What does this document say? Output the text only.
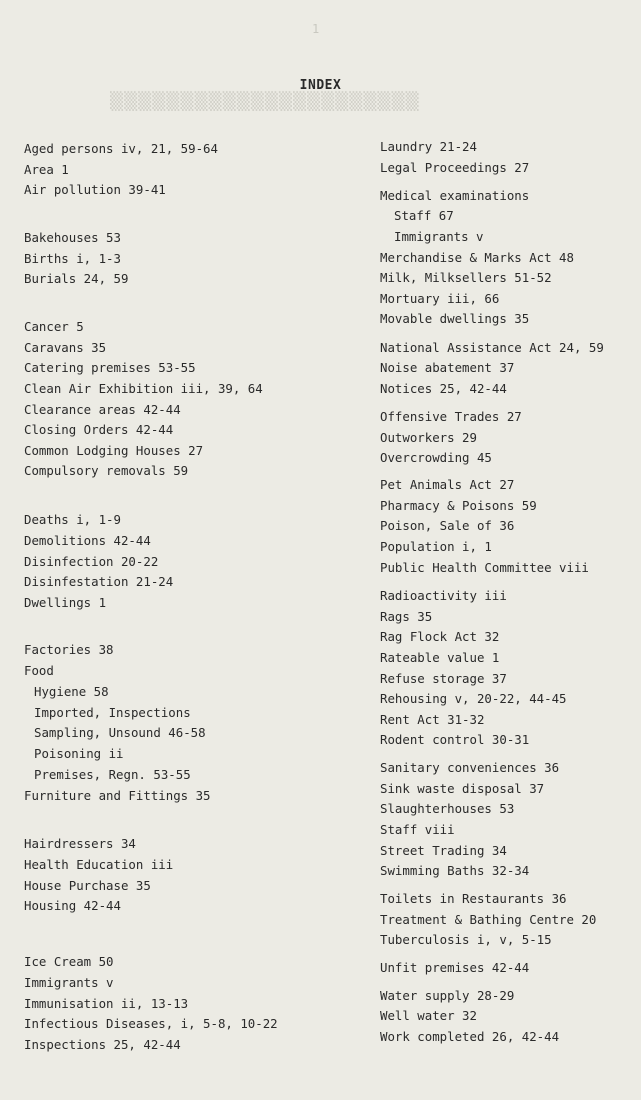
▒▒▒▒▒▒▒▒▒▒▒▒▒▒▒▒▒▒▒▒▒▒
1
INDEX
Aged persons iv, 21, 59-64
Area 1
Air pollution 39-41
Bakehouses 53
Births i, 1-3
Burials 24, 59
Cancer 5
Caravans 35
Catering premises 53-55
Clean Air Exhibition iii, 39, 64
Clearance areas 42-44
Closing Orders 42-44
Common Lodging Houses 27
Compulsory removals 59
Deaths i, 1-9
Demolitions 42-44
Disinfection 20-22
Disinfestation 21-24
Dwellings 1
Factories 38
Food
Hygiene 58
Imported, Inspections
Sampling, Unsound 46-58
Poisoning ii
Premises, Regn. 53-55
Furniture and Fittings 35
Hairdressers 34
Health Education iii
House Purchase 35
Housing 42-44
Ice Cream 50
Immigrants v
Immunisation ii, 13-13
Infectious Diseases, i, 5-8, 10-22
Inspections 25, 42-44
Laundry 21-24
Legal Proceedings 27
Medical examinations
Staff 67
Immigrants v
Merchandise & Marks Act 48
Milk, Milksellers 51-52
Mortuary iii, 66
Movable dwellings 35
National Assistance Act 24, 59
Noise abatement 37
Notices 25, 42-44
Offensive Trades 27
Outworkers 29
Overcrowding 45
Pet Animals Act 27
Pharmacy & Poisons 59
Poison, Sale of 36
Population i, 1
Public Health Committee viii
Radioactivity iii
Rags 35
Rag Flock Act 32
Rateable value 1
Refuse storage 37
Rehousing v, 20-22, 44-45
Rent Act 31-32
Rodent control 30-31
Sanitary conveniences 36
Sink waste disposal 37
Slaughterhouses 53
Staff viii
Street Trading 34
Swimming Baths 32-34
Toilets in Restaurants 36
Treatment & Bathing Centre 20
Tuberculosis i, v, 5-15
Unfit premises 42-44
Water supply 28-29
Well water 32
Work completed 26, 42-44
